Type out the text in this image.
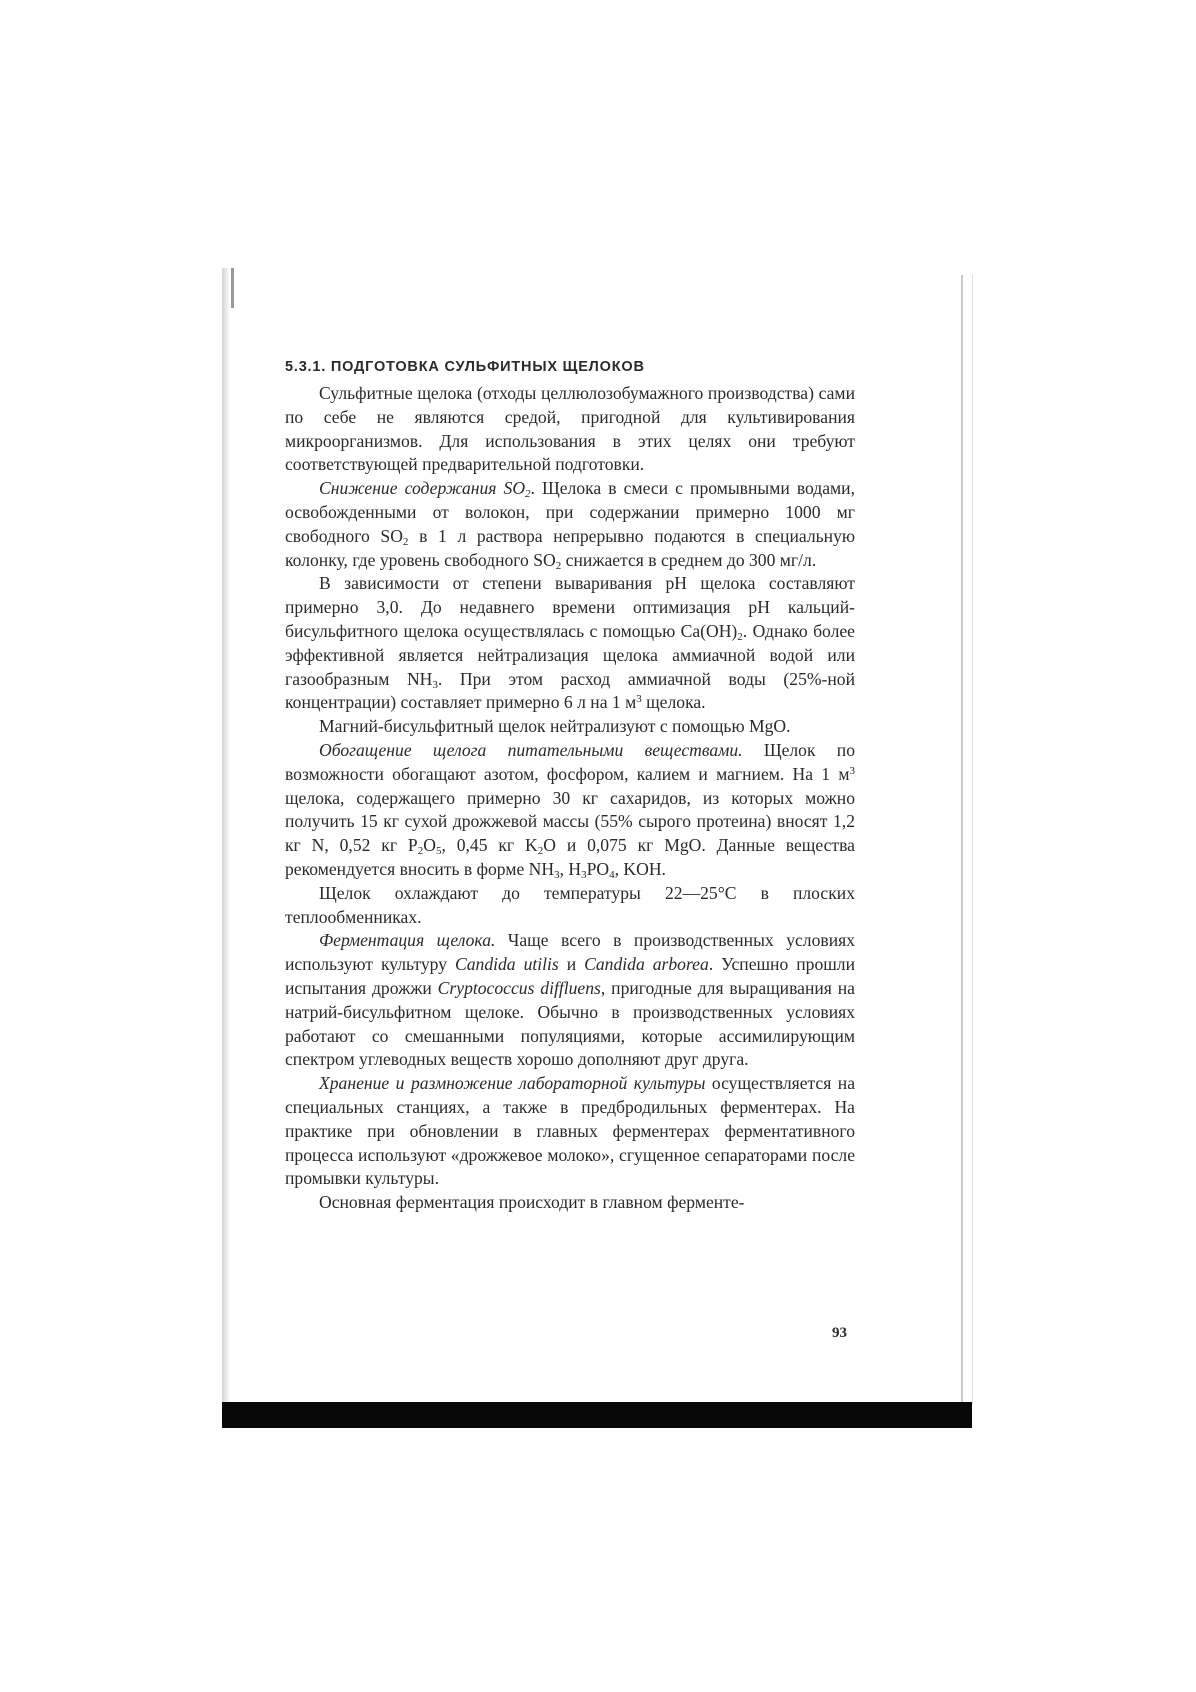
5.3.1. ПОДГОТОВКА СУЛЬФИТНЫХ ЩЕЛОКОВ

Сульфитные щелока (отходы целлюлозобумажного производства) сами по себе не являются средой, пригодной для культивирования микроорганизмов. Для использования в этих целях они требуют соответствующей предварительной подготовки.

Снижение содержания $SO_2$. Щелока в смеси с промывными водами, освобожденными от волокон, при содержании примерно 1000 мг свободного $SO_2$ в 1 л раствора непрерывно подаются в специальную колонку, где уровень свободного $SO_2$ снижается в среднем до 300 мг/л.

В зависимости от степени вываривания pH щелока составляют примерно 3,0. До недавнего времени оптимизация pH кальций-бисульфитного щелока осуществлялась с помощью $Ca(OH)_2$. Однако более эффективной является нейтрализация щелока аммиачной водой или газообразным $NH_3$. При этом расход аммиачной воды (25%-ной концентрации) составляет примерно 6 л на 1 $м^3$ щелока.

Магний-бисульфитный щелок нейтрализуют с помощью MgO.

Обогащение щелога питательными веществами. Щелок по возможности обогащают азотом, фосфором, калием и магнием. На 1 $м^3$ щелока, содержащего примерно 30 кг сахаридов, из которых можно получить 15 кг сухой дрожжевой массы (55% сырого протеина) вносят 1,2 кг N, 0,52 кг $P_2O_5$, 0,45 кг $K_2O$ и 0,075 кг MgO. Данные вещества рекомендуется вносить в форме $NH_3$, $H_3PO_4$, KOH.

Щелок охлаждают до температуры 22—25°C в плоских теплообменниках.

Ферментация щелока. Чаще всего в производственных условиях используют культуру Candida utilis и Candida arborea. Успешно прошли испытания дрожжи Cryptococcus diffluens, пригодные для выращивания на натрий-бисульфитном щелоке. Обычно в производственных условиях работают со смешанными популяциями, которые ассимилирующим спектром углеводных веществ хорошо дополняют друг друга.

Хранение и размножение лабораторной культуры осуществляется на специальных станциях, а также в предбродильных ферментерах. На практике при обновлении в главных ферментерах ферментативного процесса используют «дрожжевое молоко», сгущенное сепараторами после промывки культуры.

Основная ферментация происходит в главном ферменте-

93
